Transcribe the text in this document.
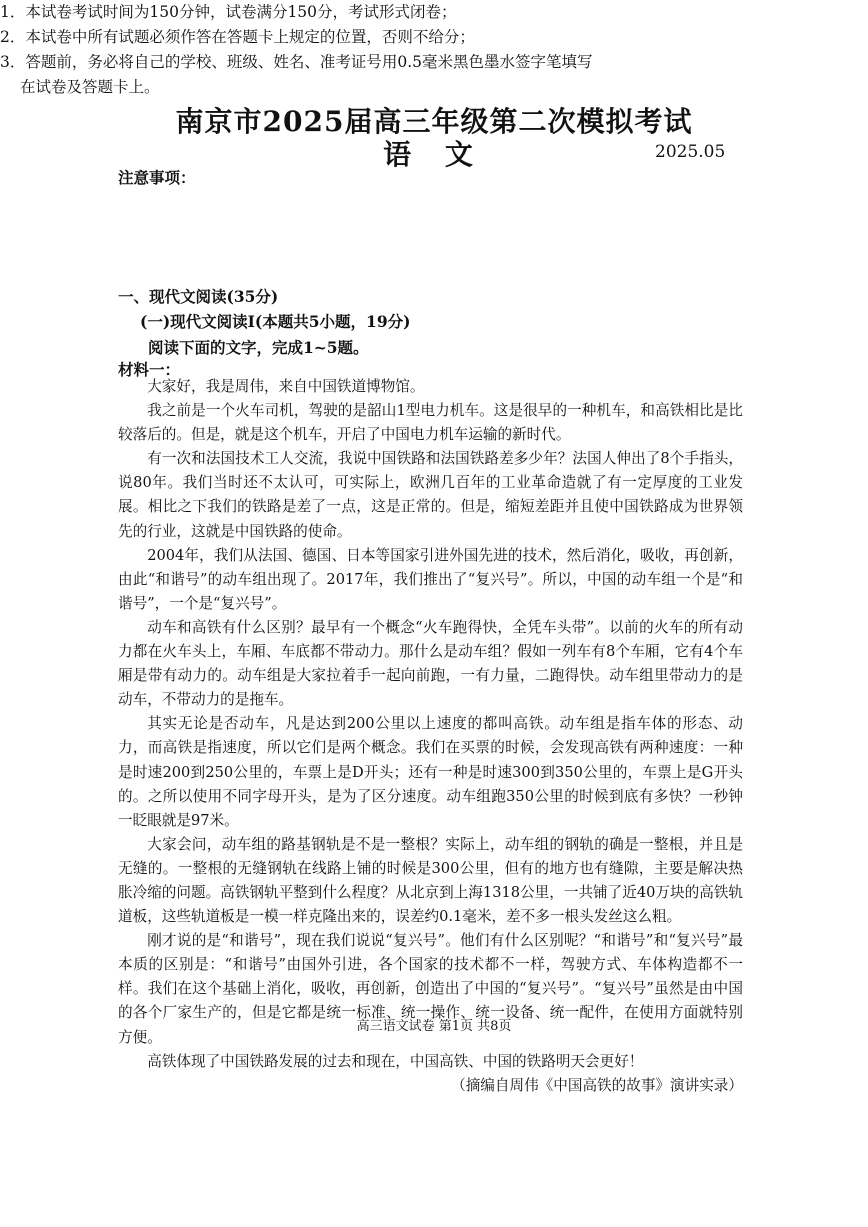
南京市2025届高三年级第二次模拟考试
语 文	2025.05
注意事项：
1．本试卷考试时间为150分钟，试卷满分150分，考试形式闭卷；
2．本试卷中所有试题必须作答在答题卡上规定的位置，否则不给分；
3．答题前，务必将自己的学校、班级、姓名、准考证号用0.5毫米黑色墨水签字笔填写
在试卷及答题卡上。
一、现代文阅读(35分)
(一)现代文阅读Ⅰ(本题共5小题，19分)
阅读下面的文字，完成1~5题。
材料一：

大家好，我是周伟，来自中国铁道博物馆。

我之前是一个火车司机，驾驶的是韶山1型电力机车。这是很早的一种机车，和高铁相比是比较落后的。但是，就是这个机车，开启了中国电力机车运输的新时代。

有一次和法国技术工人交流，我说中国铁路和法国铁路差多少年？法国人伸出了8个手指头，说80年。我们当时还不太认可，可实际上，欧洲几百年的工业革命造就了有一定厚度的工业发展。相比之下我们的铁路是差了一点，这是正常的。但是，缩短差距并且使中国铁路成为世界领先的行业，这就是中国铁路的使命。

2004年，我们从法国、德国、日本等国家引进外国先进的技术，然后消化，吸收，再创新，由此“和谐号”的动车组出现了。2017年，我们推出了“复兴号”。所以，中国的动车组一个是“和谐号”，一个是“复兴号”。

动车和高铁有什么区别？最早有一个概念“火车跑得快，全凭车头带”。以前的火车的所有动力都在火车头上，车厢、车底都不带动力。那什么是动车组？假如一列车有8个车厢，它有4个车厢是带有动力的。动车组是大家拉着手一起向前跑，一有力量，二跑得快。动车组里带动力的是动车，不带动力的是拖车。

其实无论是否动车，凡是达到200公里以上速度的都叫高铁。动车组是指车体的形态、动力，而高铁是指速度，所以它们是两个概念。我们在买票的时候，会发现高铁有两种速度：一种是时速200到250公里的，车票上是D开头；还有一种是时速300到350公里的，车票上是G开头的。之所以使用不同字母开头，是为了区分速度。动车组跑350公里的时候到底有多快？一秒钟一眨眼就是97米。

大家会问，动车组的路基钢轨是不是一整根？实际上，动车组的钢轨的确是一整根，并且是无缝的。一整根的无缝钢轨在线路上铺的时候是300公里，但有的地方也有缝隙，主要是解决热胀冷缩的问题。高铁钢轨平整到什么程度？从北京到上海1318公里，一共铺了近40万块的高铁轨道板，这些轨道板是一模一样克隆出来的，误差约0.1毫米，差不多一根头发丝这么粗。

刚才说的是“和谐号”，现在我们说说“复兴号”。他们有什么区别呢？“和谐号”和“复兴号”最本质的区别是：“和谐号”由国外引进，各个国家的技术都不一样，驾驶方式、车体构造都不一样。我们在这个基础上消化，吸收，再创新，创造出了中国的“复兴号”。“复兴号”虽然是由中国的各个厂家生产的，但是它都是统一标准、统一操作、统一设备、统一配件，在使用方面就特别方便。

高铁体现了中国铁路发展的过去和现在，中国高铁、中国的铁路明天会更好！

（摘编自周伟《中国高铁的故事》演讲实录）

高三语文试卷 第1页 共8页
